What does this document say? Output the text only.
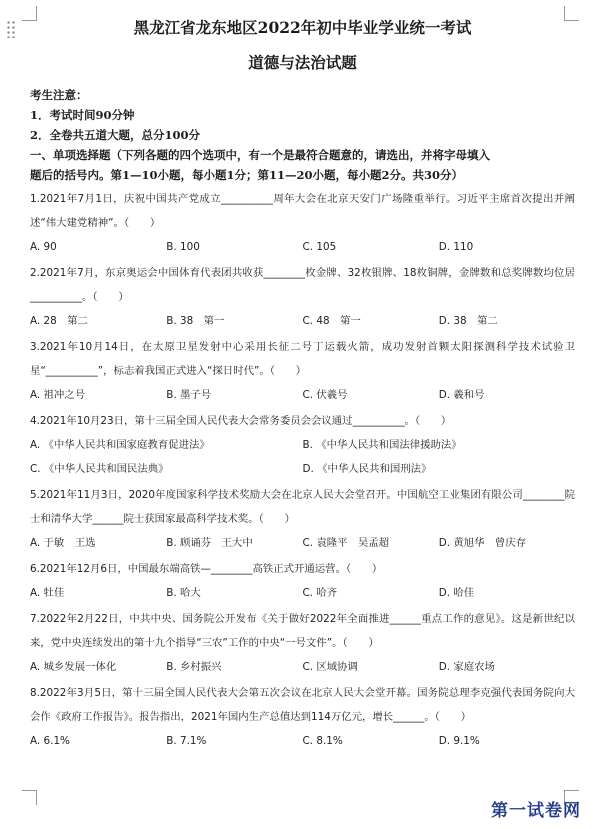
黑龙江省龙东地区2022年初中毕业学业统一考试
道德与法治试题
考生注意：
1．考试时间90分钟
2．全卷共五道大题，总分100分
一、单项选择题（下列各题的四个选项中，有一个是最符合题意的，请选出，并将字母填入
题后的括号内。第1—10小题，每小题1分；第11—20小题，每小题2分。共30分）
1.2021年7月1日，庆祝中国共产党成立__________周年大会在北京天安门广场隆重举行。习近平主席首次提出并阐述“伟大建党精神”。（　　）
A. 90	B. 100	C. 105	D. 110
2.2021年7月，东京奥运会中国体育代表团共收获________枚金牌、32枚银牌、18枚铜牌，金牌数和总奖牌数均位居__________。（　　）
A. 28　第二	B. 38　第一	C. 48　第一	D. 38　第二
3.2021年10月14日，在太原卫星发射中心采用长征二号丁运载火箭，成功发射首颗太阳探测科学技术试验卫星“__________”，标志着我国正式进入“探日时代”。（　　）
A. 祖冲之号	B. 墨子号	C. 伏羲号	D. 羲和号
4.2021年10月23日，第十三届全国人民代表大会常务委员会会议通过__________。（　　）
A. 《中华人民共和国家庭教育促进法》	B. 《中华人民共和国法律援助法》
C. 《中华人民共和国民法典》	D. 《中华人民共和国刑法》
5.2021年11月3日，2020年度国家科学技术奖励大会在北京人民大会堂召开。中国航空工业集团有限公司________院士和清华大学______院士获国家最高科学技术奖。（　　）
A. 于敏　王选	B. 顾诵芬　王大中	C. 袁隆平　吴孟超	D. 黄旭华　曾庆存
6.2021年12月6日，中国最东端高铁—________高铁正式开通运营。（　　）
A. 牡佳	B. 哈大	C. 哈齐	D. 哈佳
7.2022年2月22日，中共中央、国务院公开发布《关于做好2022年全面推进______重点工作的意见》。这是新世纪以来，党中央连续发出的第十九个指导“三农”工作的中央“一号文件”。（　　）
A. 城乡发展一体化	B. 乡村振兴	C. 区域协调	D. 家庭农场
8.2022年3月5日，第十三届全国人民代表大会第五次会议在北京人民大会堂开幕。国务院总理李克强代表国务院向大会作《政府工作报告》。报告指出，2021年国内生产总值达到114万亿元，增长______。（　　）
A. 6.1%	B. 7.1%	C. 8.1%	D. 9.1%
第一试卷网
